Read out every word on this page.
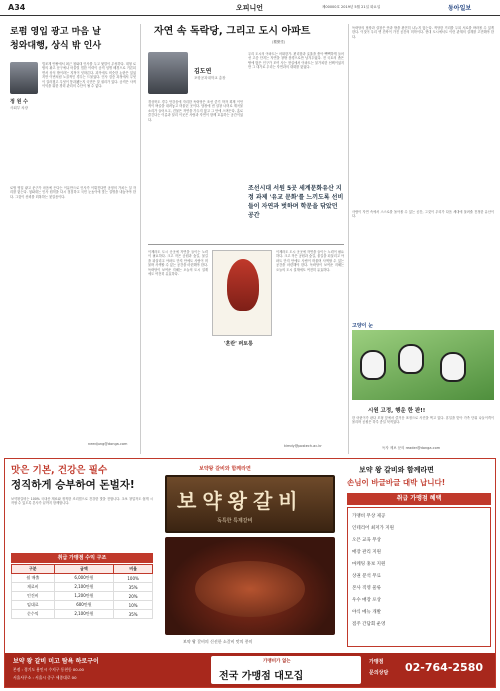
A34	오피니언	제00000호 2019년 5월 21일 화요일	동아일보
로펌 영입 광고 마음 날
청와대행, 상식 밖 인사
정 원 수
사회부 차장

법조계 안팎에서 최근 청와대 인사를 두고 뒷말이 무성하다. 대형 로펌의 광고 문구에나 어울릴 법한 이력이 공직 임명 배경으로 거론되면서 상식 밖이라는 지적이 잇따른다. 과거에도 비슷한 논란은 있었지만 이번처럼 노골적인 경우는 드물었다. 인사 검증 과정에서 무엇이 걸러졌고 무엇이 통과됐는지 국민은 알 권리가 있다. 공직은 사적 이익을 위한 경력 관리의 수단이 될 수 없다.

로펌 영입 광고 문구가 마음에 든다는 이유만으로 인사가 이뤄진다면 공정의 가치는 설 자리를 잃는다. 청와대는 인사 원칙을 다시 점검하고 국민 눈높이에 맞는 설명을 내놓아야 한다. 그것이 신뢰를 회복하는 첫걸음이다.

needjung@donga.com
자연 속 독락당, 그리고 도시 아파트
(獨樂堂)
김도연
포항공과대학교 총장

경상북도 경주 안강읍에 자리한 독락당은 조선 중기 학자 회재 이언적이 벼슬을 내려놓고 머물던 곳이다. 담장에 낸 살창 너머로 계곡물 소리가 들어오고, 건물은 자연을 가두지 않고 그 안에 스며든다. 홀로 즐긴다는 이름과 달리 이곳은 사람과 자연이 함께 호흡하는 공간이었다.

우리 도시의 아파트는 어떠한가. 편리함과 효율을 좇아 빽빽하게 들어선 고층 단지는 자연을 창밖 풍경으로만 남겨두었다. 전 국토의 좁은 땅에 많은 인구가 모여 사는 현실에서 아파트는 불가피한 선택이었지만 그 대가로 우리는 자연과의 대화를 잃었다.

조선시대 서원 5곳 세계문화유산 지정 과제 '유교 문화'를 느끼도록 선비들이 자연과 벗하며 학문을 닦았던 공간

이제라도 도시 곳곳에 자연을 들이는 노력이 필요하다. 크고 작은 공원과 숲길, 물길을 되살리고 아파트 단지 안에도 사람이 머물며 사색할 수 있는 공간을 마련해야 한다. 독락당이 보여준 지혜는 오늘의 도시 설계에도 여전히 유효하다.

'혼란' 퍼토롱

이제라도 도시 곳곳에 자연을 들이는 노력이 필요하다. 크고 작은 공원과 숲길, 물길을 되살리고 아파트 단지 안에도 사람이 머물며 사색할 수 있는 공간을 마련해야 한다. 독락당이 보여준 지혜는 오늘의 도시 설계에도 여전히 유효하다.

kimdy@postech.ac.kr

독락당의 담장과 살창은 안과 밖을 완전히 나누지 않는다. 적당한 거리를 두되 서로를 바라볼 수 있게 한다. 이것이 우리 옛 건축이 가진 공간의 미학이다. 현대 도시에서도 이런 관계의 설계를 고민해야 한다.

사람이 자연 속에서 스스로를 돌아볼 수 있는 공간, 그것이 우리가 다음 세대에 물려줄 진정한 유산이다.

고양이 눈
시원 고정, 행운 한 판!!

한 어린이가 판다 모형 앞에서 즐거운 표정으로 사진을 찍고 있다. 휴일을 맞아 가족 단위 나들이객이 몰리며 공원은 하루 종일 북적였다.

독자 제보 문의 reader@donga.com
맛은 기본, 건강은 필수
정직하게 승부하여 돈벌자!

보약왕갈비는 100% 국내산 재료와 정직한 조리법으로 건강한 맛을 전합니다. 초보 창업자도 쉽게 시작할 수 있도록 본사가 끝까지 함께합니다.

취급 가맹점 수익 구조
구분	금액	비율
월 매출	6,000만원	100%
재료비	2,100만원	35%
인건비	1,200만원	20%
임대료	600만원	10%
순수익	2,100만원	35%
보약왕 갈비와 함께라면
보약왕갈비
독특한 특제갈비
보약 왕 갈비의 신선한 소갈비 맛의 풍미
보약 왕 갈비와 함께라면
손님이 바글바글 대박 납니다!
취급 가맹점 혜택
가맹비 무상 제공
인테리어 최저가 지원
오픈 교육 무상
매장 관리 지원
마케팅 홍보 지원
상권 분석 무료
본사 직영 물류
우수 매장 포상
야식 메뉴 개발
점주 간담회 운영
보약 왕 갈비 미고 탐욕 하로구이
본점 : 경기도 용인시 수지구 동천동 00-00
서울사무소 : 서울시 중구 세종대로 00
가맹비가 없는
전국 가맹점 대모집
가맹점
문의상담 02-764-2580
